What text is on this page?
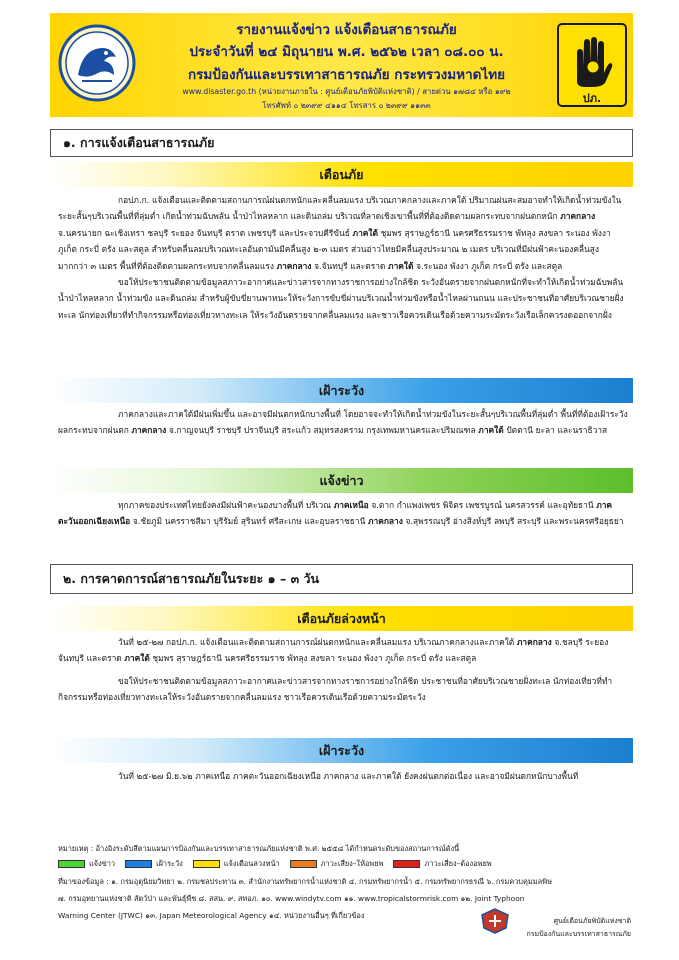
รายงานแจ้งข่าว แจ้งเตือนสาธารณภัย
ประจำวันที่ ๒๔ มิถุนายน พ.ศ. ๒๕๖๒ เวลา ๐๘.๐๐ น.
กรมป้องกันและบรรเทาสาธารณภัย กระทรวงมหาดไทย
www.disaster.go.th (หน่วยงานภายใน : ศูนย์เตือนภัยพิบัติแห่งชาติ) / สายด่วน ๑๗๘๔ หรือ ๑๙๒
โทรศัพท์ ๐ ๒๓๙๙ ๔๑๑๔ โทรสาร ๐ ๒๓๙๙ ๑๑๓๓
ปภ.
๑. การแจ้งเตือนสาธารณภัย
เตือนภัย

กอปภ.ก. แจ้งเตือนและติดตามสถานการณ์ฝนตกหนักและคลื่นลมแรง บริเวณภาคกลางและภาคใต้ ปริมาณฝนสะสมอาจทำให้เกิดน้ำท่วมขังในระยะสั้นๆบริเวณพื้นที่ที่ลุ่มต่ำ เกิดน้ำท่วมฉับพลัน น้ำป่าไหลหลาก และดินถล่ม บริเวณที่ลาดเชิงเขาพื้นที่ที่ต้องติดตามผลกระทบจากฝนตกหนัก ภาคกลาง จ.นครนายก ฉะเชิงเทรา ชลบุรี ระยอง จันทบุรี ตราด เพชรบุรี และประจวบคีรีขันธ์ ภาคใต้ ชุมพร สุราษฎร์ธานี นครศรีธรรมราช พัทลุง สงขลา ระนอง พังงา ภูเก็ต กระบี่ ตรัง และสตูล สำหรับคลื่นลมบริเวณทะเลอันดามันมีคลื่นสูง ๒-๓ เมตร ส่วนอ่าวไทยมีคลื่นสูงประมาณ ๒ เมตร บริเวณที่มีฝนฟ้าคะนองคลื่นสูงมากกว่า ๓ เมตร พื้นที่ที่ต้องติดตามผลกระทบจากคลื่นลมแรง ภาคกลาง จ.จันทบุรี และตราด ภาคใต้ จ.ระนอง พังงา ภูเก็ต กระบี่ ตรัง และสตูล

ขอให้ประชาชนติดตามข้อมูลสภาวะอากาศและข่าวสารจากทางราชการอย่างใกล้ชิด ระวังอันตรายจากฝนตกหนักที่จะทำให้เกิดน้ำท่วมฉับพลัน น้ำป่าไหลหลาก น้ำท่วมขัง และดินถล่ม สำหรับผู้ขับขี่ยานพาหนะให้ระวังการขับขี่ผ่านบริเวณน้ำท่วมขังหรือน้ำไหลผ่านถนน และประชาชนที่อาศัยบริเวณชายฝั่งทะเล นักท่องเที่ยวที่ทำกิจกรรมหรือท่องเที่ยวทางทะเล ให้ระวังอันตรายจากคลื่นลมแรง และชาวเรือควรเดินเรือด้วยความระมัดระวังเรือเล็กควรงดออกจากฝั่ง

เฝ้าระวัง

ภาคกลางและภาคใต้มีฝนเพิ่มขึ้น และอาจมีฝนตกหนักบางพื้นที่ โดยอาจจะทำให้เกิดน้ำท่วมขังในระยะสั้นๆบริเวณพื้นที่ลุ่มต่ำ พื้นที่ที่ต้องเฝ้าระวังผลกระทบจากฝนตก ภาคกลาง จ.กาญจนบุรี ราชบุรี ปราจีนบุรี สระแก้ว สมุทรสงคราม กรุงเทพมหานครและปริมณฑล ภาคใต้ ปัตตานี ยะลา และนราธิวาส

แจ้งข่าว

ทุกภาคของประเทศไทยยังคงมีฝนฟ้าคะนองบางพื้นที่ บริเวณ ภาคเหนือ จ.ตาก กำแพงเพชร พิจิตร เพชรบูรณ์ นครสวรรค์ และอุทัยธานี ภาคตะวันออกเฉียงเหนือ จ.ชัยภูมิ นครราชสีมา บุรีรัมย์ สุรินทร์ ศรีสะเกษ และอุบลราชธานี ภาคกลาง จ.สุพรรณบุรี อ่างสิงห์บุรี ลพบุรี สระบุรี และพระนครศรีอยุธยา

๒. การคาดการณ์สาธารณภัยในระยะ ๑ – ๓ วัน
เตือนภัยล่วงหน้า

วันที่ ๒๕-๒๗ กอปภ.ก. แจ้งเตือนและติดตามสถานการณ์ฝนตกหนักและคลื่นลมแรง บริเวณภาคกลางและภาคใต้ ภาคกลาง จ.ชลบุรี ระยอง จันทบุรี และตราด ภาคใต้ ชุมพร สุราษฎร์ธานี นครศรีธรรมราช พัทลุง สงขลา ระนอง พังงา ภูเก็ต กระบี่ ตรัง และสตูล

ขอให้ประชาชนติดตามข้อมูลสภาวะอากาศและข่าวสารจากทางราชการอย่างใกล้ชิด ประชาชนที่อาศัยบริเวณชายฝั่งทะเล นักท่องเที่ยวที่ทำกิจกรรมหรือท่องเที่ยวทางทะเลให้ระวังอันตรายจากคลื่นลมแรง ชาวเรือควรเดินเรือด้วยความระมัดระวัง

เฝ้าระวัง

วันที่ ๒๕-๒๗ มิ.ย.๖๒ ภาคเหนือ ภาคตะวันออกเฉียงเหนือ ภาคกลาง และภาคใต้ ยังคงฝนตกต่อเนื่อง และอาจมีฝนตกหนักบางพื้นที่

หมายเหตุ : อ้างอิงระดับสีตามแผนการป้องกันและบรรเทาสาธารณภัยแห่งชาติ พ.ศ. ๒๕๕๘ ได้กำหนดระดับของสถานการณ์ดังนี้
แจ้งข่าว	เฝ้าระวัง	แจ้งเตือนล่วงหน้า	ภาวะเสี่ยง–ให้อพยพ	ภาวะเสี่ยง–ต้องอพยพ
ที่มาของข้อมูล : ๑. กรมอุตุนิยมวิทยา ๒. กรมชลประทาน ๓. สำนักงานทรัพยากรน้ำแห่งชาติ ๔. กรมทรัพยากรน้ำ ๕. กรมทรัพยากรธรณี ๖. กรมควบคุมมลพิษ
๗. กรมอุทยานแห่งชาติ สัตว์ป่า และพันธุ์พืช ๘. สสน. ๙. สทอภ. ๑๐. www.windytv.com ๑๑. www.tropicalstormrisk.com ๑๒. Joint Typhoon
Warning Center (JTWC) ๑๓. Japan Meteorological Agency ๑๔. หน่วยงานอื่นๆ ที่เกี่ยวข้อง
ศูนย์เตือนภัยพิบัติแห่งชาติ
กรมป้องกันและบรรเทาสาธารณภัย
